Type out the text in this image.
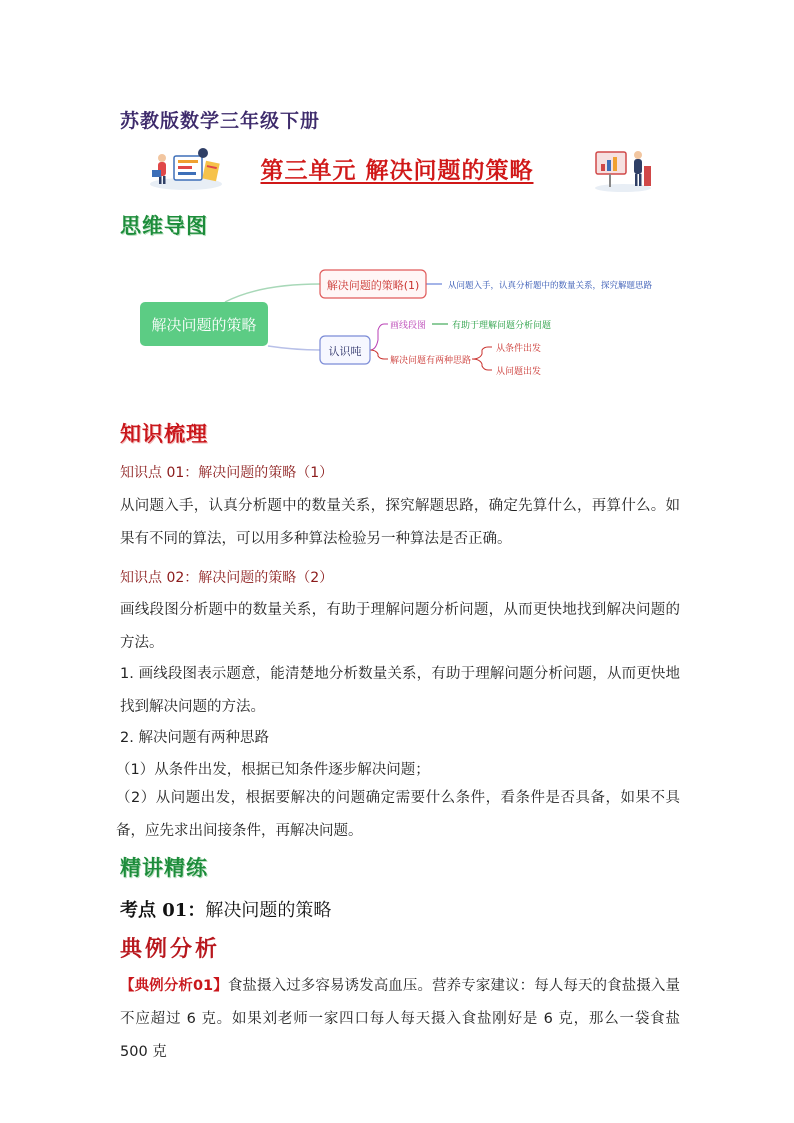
苏教版数学三年级下册
第三单元 解决问题的策略
思维导图
解决问题的策略
解决问题的策略(1)	从问题入手，认真分析题中的数量关系，探究解题思路
认识吨
画线段图	有助于理解问题分析问题
解决问题有两种思路
从条件出发
从问题出发
知识梳理
知识点 01：解决问题的策略（1）
从问题入手，认真分析题中的数量关系，探究解题思路，确定先算什么，再算什么。如果有不同的算法，可以用多种算法检验另一种算法是否正确。
知识点 02：解决问题的策略（2）
画线段图分析题中的数量关系，有助于理解问题分析问题，从而更快地找到解决问题的方法。
1. 画线段图表示题意，能清楚地分析数量关系，有助于理解问题分析问题，从而更快地找到解决问题的方法。
2. 解决问题有两种思路
（1）从条件出发，根据已知条件逐步解决问题；
（2）从问题出发，根据要解决的问题确定需要什么条件，看条件是否具备，如果不具备，应先求出间接条件，再解决问题。
精讲精练
考点 01：解决问题的策略
典例分析
【典例分析01】食盐摄入过多容易诱发高血压。营养专家建议：每人每天的食盐摄入量不应超过 6 克。如果刘老师一家四口每人每天摄入食盐刚好是 6 克，那么一袋食盐 500 克
